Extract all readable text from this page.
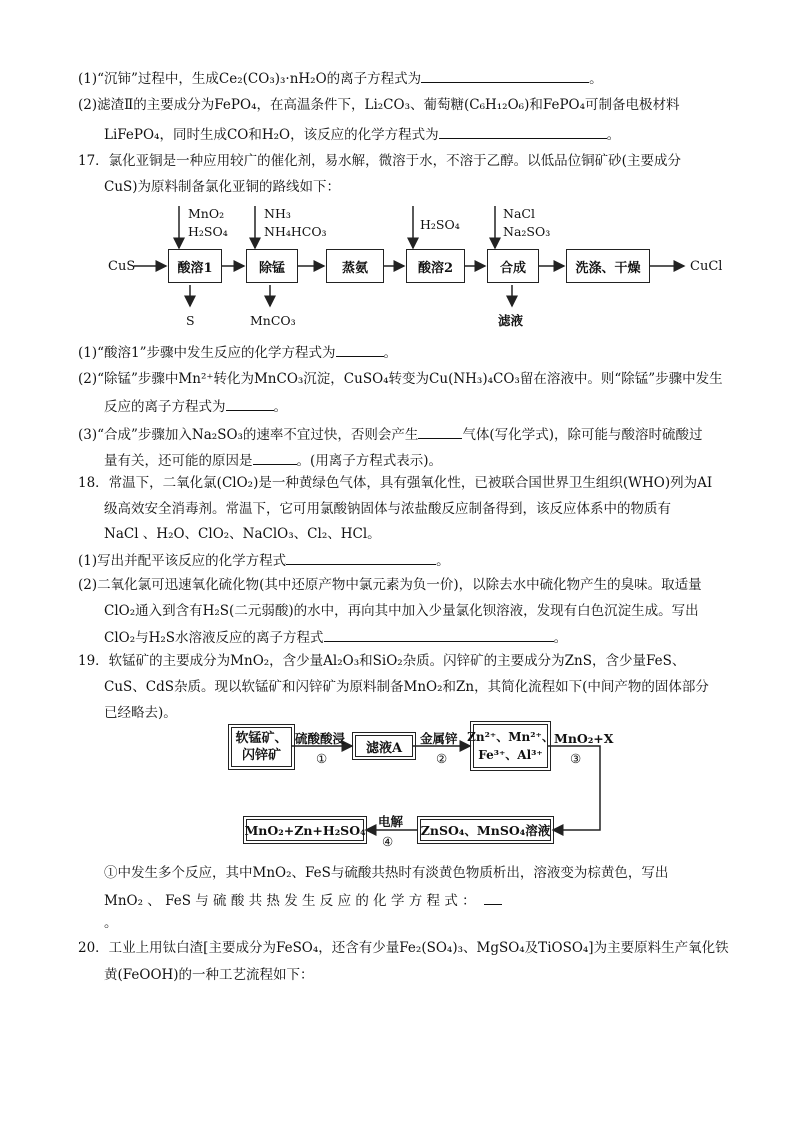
(1)“沉铈”过程中，生成Ce₂(CO₃)₃·nH₂O的离子方程式为	。
(2)滤渣Ⅱ的主要成分为FePO₄，在高温条件下，Li₂CO₃、葡萄糖(C₆H₁₂O₆)和FePO₄可制备电极材料
LiFePO₄，同时生成CO和H₂O，该反应的化学方程式为	。
17．氯化亚铜是一种应用较广的催化剂，易水解，微溶于水，不溶于乙醇。以低品位铜矿砂(主要成分
CuS)为原料制备氯化亚铜的路线如下：
CuS	CuCl
酸溶1	除锰	蒸氨	酸溶2	合成	洗涤、干燥
MnO₂
H₂SO₄
NH₃
NH₄HCO₃	H₂SO₄
NaCl
Na₂SO₃
S	MnCO₃	滤液
(1)“酸溶1”步骤中发生反应的化学方程式为	。
(2)“除锰”步骤中Mn²⁺转化为MnCO₃沉淀，CuSO₄转变为Cu(NH₃)₄CO₃留在溶液中。则“除锰”步骤中发生
反应的离子方程式为	。
(3)“合成”步骤加入Na₂SO₃的速率不宜过快，否则会产生	气体(写化学式)，除可能与酸溶时硫酸过
量有关，还可能的原因是	。(用离子方程式表示)。
18．常温下，二氧化氯(ClO₂)是一种黄绿色气体，具有强氧化性，已被联合国世界卫生组织(WHO)列为AI
级高效安全消毒剂。常温下，它可用氯酸钠固体与浓盐酸反应制备得到，该反应体系中的物质有
NaCl 、H₂O、ClO₂、NaClO₃、Cl₂、HCl。
(1)写出并配平该反应的化学方程式	。
(2)二氧化氯可迅速氧化硫化物(其中还原产物中氯元素为负一价)，以除去水中硫化物产生的臭味。取适量
ClO₂通入到含有H₂S(二元弱酸)的水中，再向其中加入少量氯化钡溶液，发现有白色沉淀生成。写出
ClO₂与H₂S水溶液反应的离子方程式	。
19．软锰矿的主要成分为MnO₂，含少量Al₂O₃和SiO₂杂质。闪锌矿的主要成分为ZnS，含少量FeS、
CuS、CdS杂质。现以软锰矿和闪锌矿为原料制备MnO₂和Zn，其简化流程如下(中间产物的固体部分
已经略去)。
软锰矿、
闪锌矿	滤液A
Zn²⁺、Mn²⁺、
Fe³⁺、Al³⁺
ZnSO₄、MnSO₄溶液
MnO₂+Zn+H₂SO₄
硫酸酸浸
①
金属锌
②
MnO₂+X
③
电解
④
①中发生多个反应，其中MnO₂、FeS与硫酸共热时有淡黄色物质析出，溶液变为棕黄色，写出
MnO₂ 、 FeS 与 硫 酸 共 热 发 生 反 应 的 化 学 方 程 式 ：
。
20．工业上用钛白渣[主要成分为FeSO₄，还含有少量Fe₂(SO₄)₃、MgSO₄及TiOSO₄]为主要原料生产氧化铁
黄(FeOOH)的一种工艺流程如下：
